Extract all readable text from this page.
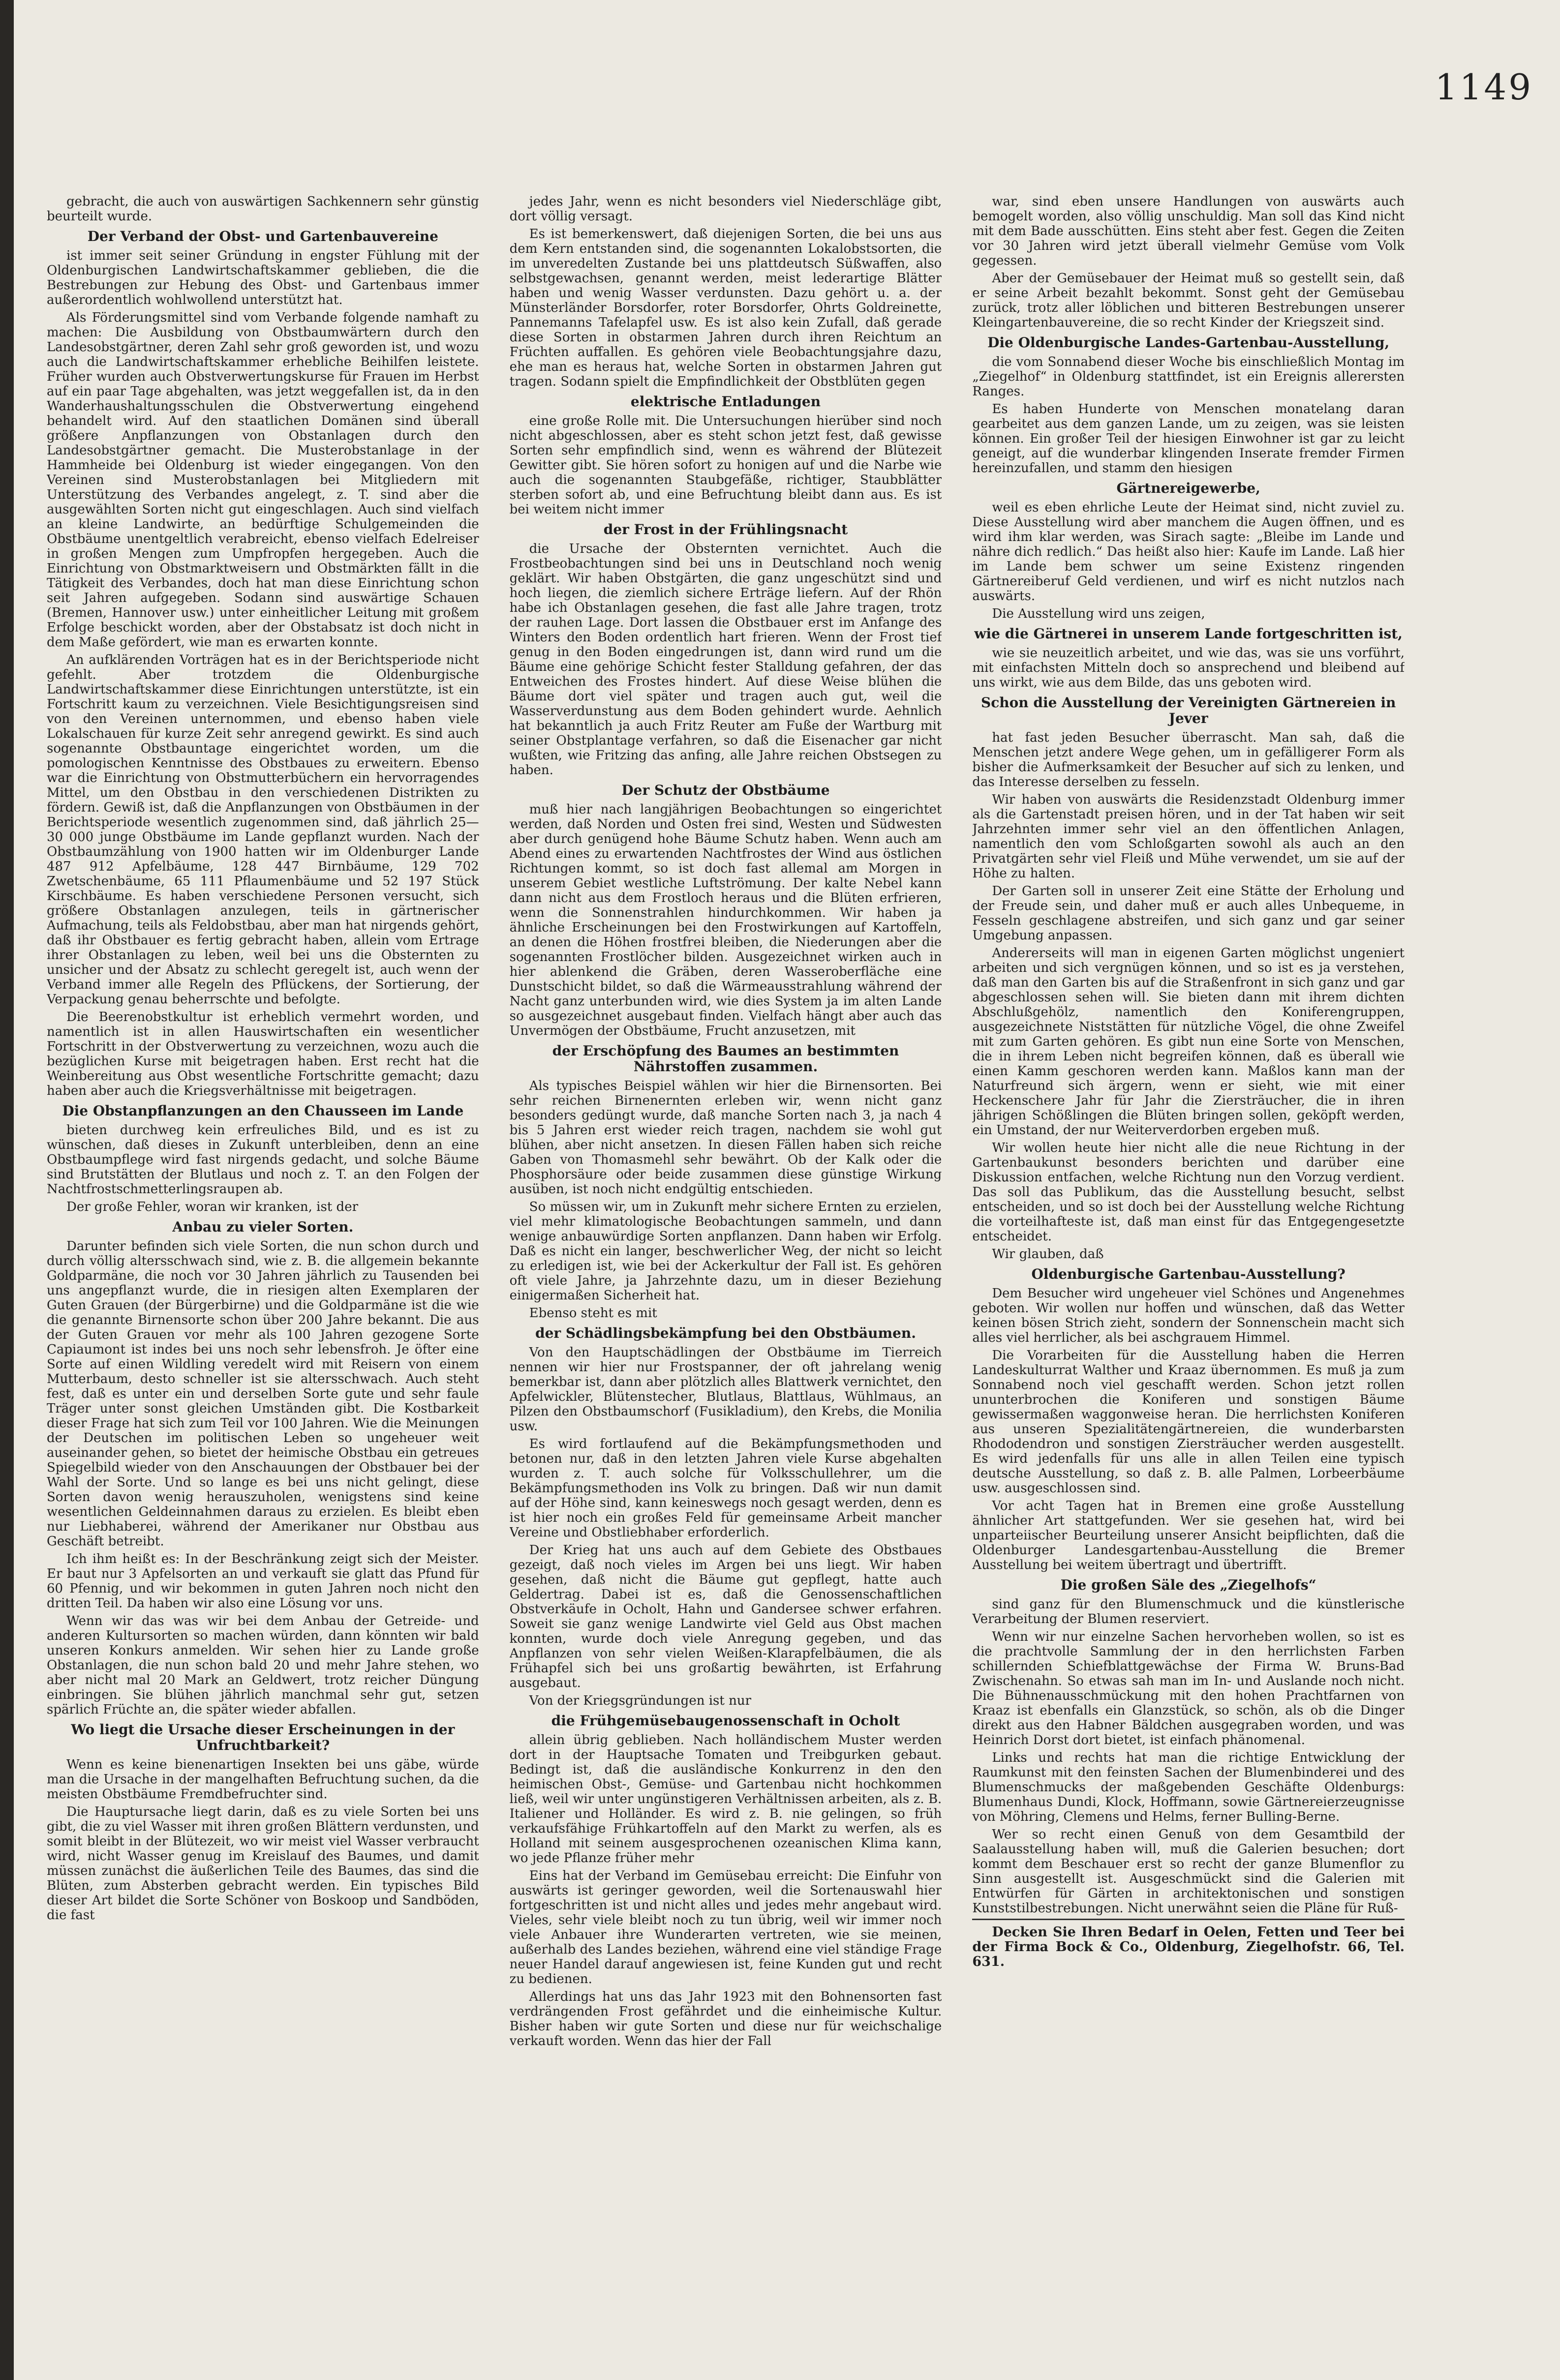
1149

gebracht, die auch von auswärtigen Sachkennern sehr günstig beurteilt wurde.

Der Verband der Obst- und Gartenbauvereine

ist immer seit seiner Gründung in engster Fühlung mit der Oldenburgischen Landwirtschaftskammer geblieben, die die Bestrebungen zur Hebung des Obst- und Gartenbaus immer außerordentlich wohlwollend unterstützt hat.

Als Förderungsmittel sind vom Verbande folgende namhaft zu machen: Die Ausbildung von Obstbaumwärtern durch den Landesobstgärtner, deren Zahl sehr groß geworden ist, und wozu auch die Landwirtschaftskammer erhebliche Beihilfen leistete. Früher wurden auch Obstverwertungskurse für Frauen im Herbst auf ein paar Tage abgehalten, was jetzt weggefallen ist, da in den Wanderhaushaltungsschulen die Obstverwertung eingehend behandelt wird. Auf den staatlichen Domänen sind überall größere Anpflanzungen von Obstanlagen durch den Landesobstgärtner gemacht. Die Musterobstanlage in der Hammheide bei Oldenburg ist wieder eingegangen. Von den Vereinen sind Musterobstanlagen bei Mitgliedern mit Unterstützung des Verbandes angelegt, z. T. sind aber die ausgewählten Sorten nicht gut eingeschlagen. Auch sind vielfach an kleine Landwirte, an bedürftige Schulgemeinden die Obstbäume unentgeltlich verabreicht, ebenso vielfach Edelreiser in großen Mengen zum Umpfropfen hergegeben. Auch die Einrichtung von Obstmarktweisern und Obstmärkten fällt in die Tätigkeit des Verbandes, doch hat man diese Einrichtung schon seit Jahren aufgegeben. Sodann sind auswärtige Schauen (Bremen, Hannover usw.) unter einheitlicher Leitung mit großem Erfolge beschickt worden, aber der Obstabsatz ist doch nicht in dem Maße gefördert, wie man es erwarten konnte.

An aufklärenden Vorträgen hat es in der Berichtsperiode nicht gefehlt. Aber trotzdem die Oldenburgische Landwirtschaftskammer diese Einrichtungen unterstützte, ist ein Fortschritt kaum zu verzeichnen. Viele Besichtigungsreisen sind von den Vereinen unternommen, und ebenso haben viele Lokalschauen für kurze Zeit sehr anregend gewirkt. Es sind auch sogenannte Obstbauntage eingerichtet worden, um die pomologischen Kenntnisse des Obstbaues zu erweitern. Ebenso war die Einrichtung von Obstmutterbüchern ein hervorragendes Mittel, um den Obstbau in den verschiedenen Distrikten zu fördern. Gewiß ist, daß die Anpflanzungen von Obstbäumen in der Berichtsperiode wesentlich zugenommen sind, daß jährlich 25—30 000 junge Obstbäume im Lande gepflanzt wurden. Nach der Obstbaumzählung von 1900 hatten wir im Oldenburger Lande 487 912 Apfelbäume, 128 447 Birnbäume, 129 702 Zwetschenbäume, 65 111 Pflaumenbäume und 52 197 Stück Kirschbäume. Es haben verschiedene Personen versucht, sich größere Obstanlagen anzulegen, teils in gärtnerischer Aufmachung, teils als Feldobstbau, aber man hat nirgends gehört, daß ihr Obstbauer es fertig gebracht haben, allein vom Ertrage ihrer Obstanlagen zu leben, weil bei uns die Obsternten zu unsicher und der Absatz zu schlecht geregelt ist, auch wenn der Verband immer alle Regeln des Pflückens, der Sortierung, der Verpackung genau beherrschte und befolgte.

Die Beerenobstkultur ist erheblich vermehrt worden, und namentlich ist in allen Hauswirtschaften ein wesentlicher Fortschritt in der Obstverwertung zu verzeichnen, wozu auch die bezüglichen Kurse mit beigetragen haben. Erst recht hat die Weinbereitung aus Obst wesentliche Fortschritte gemacht; dazu haben aber auch die Kriegsverhältnisse mit beigetragen.

Die Obstanpflanzungen an den Chausseen im Lande

bieten durchweg kein erfreuliches Bild, und es ist zu wünschen, daß dieses in Zukunft unterbleiben, denn an eine Obstbaumpflege wird fast nirgends gedacht, und solche Bäume sind Brutstätten der Blutlaus und noch z. T. an den Folgen der Nachtfrostschmetterlingsraupen ab.

Der große Fehler, woran wir kranken, ist der

Anbau zu vieler Sorten.

Darunter befinden sich viele Sorten, die nun schon durch und durch völlig altersschwach sind, wie z. B. die allgemein bekannte Goldparmäne, die noch vor 30 Jahren jährlich zu Tausenden bei uns angepflanzt wurde, die in riesigen alten Exemplaren der Guten Grauen (der Bürgerbirne) und die Goldparmäne ist die wie die genannte Birnensorte schon über 200 Jahre bekannt. Die aus der Guten Grauen vor mehr als 100 Jahren gezogene Sorte Capiaumont ist indes bei uns noch sehr lebensfroh. Je öfter eine Sorte auf einen Wildling veredelt wird mit Reisern von einem Mutterbaum, desto schneller ist sie altersschwach. Auch steht fest, daß es unter ein und derselben Sorte gute und sehr faule Träger unter sonst gleichen Umständen gibt. Die Kostbarkeit dieser Frage hat sich zum Teil vor 100 Jahren. Wie die Meinungen der Deutschen im politischen Leben so ungeheuer weit auseinander gehen, so bietet der heimische Obstbau ein getreues Spiegelbild wieder von den Anschauungen der Obstbauer bei der Wahl der Sorte. Und so lange es bei uns nicht gelingt, diese Sorten davon wenig herauszuholen, wenigstens sind keine wesentlichen Geldeinnahmen daraus zu erzielen. Es bleibt eben nur Liebhaberei, während der Amerikaner nur Obstbau aus Geschäft betreibt.

Ich ihm heißt es: In der Beschränkung zeigt sich der Meister. Er baut nur 3 Apfelsorten an und verkauft sie glatt das Pfund für 60 Pfennig, und wir bekommen in guten Jahren noch nicht den dritten Teil. Da haben wir also eine Lösung vor uns.

Wenn wir das was wir bei dem Anbau der Getreide- und anderen Kultursorten so machen würden, dann könnten wir bald unseren Konkurs anmelden. Wir sehen hier zu Lande große Obstanlagen, die nun schon bald 20 und mehr Jahre stehen, wo aber nicht mal 20 Mark an Geldwert, trotz reicher Düngung einbringen. Sie blühen jährlich manchmal sehr gut, setzen spärlich Früchte an, die später wieder abfallen.

Wo liegt die Ursache dieser Erscheinungen in der Unfruchtbarkeit?

Wenn es keine bienenartigen Insekten bei uns gäbe, würde man die Ursache in der mangelhaften Befruchtung suchen, da die meisten Obstbäume Fremdbefruchter sind.

Die Hauptursache liegt darin, daß es zu viele Sorten bei uns gibt, die zu viel Wasser mit ihren großen Blättern verdunsten, und somit bleibt in der Blütezeit, wo wir meist viel Wasser verbraucht wird, nicht Wasser genug im Kreislauf des Baumes, und damit müssen zunächst die äußerlichen Teile des Baumes, das sind die Blüten, zum Absterben gebracht werden. Ein typisches Bild dieser Art bildet die Sorte Schöner von Boskoop und Sandböden, die fast

jedes Jahr, wenn es nicht besonders viel Niederschläge gibt, dort völlig versagt.

Es ist bemerkenswert, daß diejenigen Sorten, die bei uns aus dem Kern entstanden sind, die sogenannten Lokalobstsorten, die im unveredelten Zustande bei uns plattdeutsch Süßwaffen, also selbstgewachsen, genannt werden, meist lederartige Blätter haben und wenig Wasser verdunsten. Dazu gehört u. a. der Münsterländer Borsdorfer, roter Borsdorfer, Ohrts Goldreinette, Pannemanns Tafelapfel usw. Es ist also kein Zufall, daß gerade diese Sorten in obstarmen Jahren durch ihren Reichtum an Früchten auffallen. Es gehören viele Beobachtungsjahre dazu, ehe man es heraus hat, welche Sorten in obstarmen Jahren gut tragen. Sodann spielt die Empfindlichkeit der Obstblüten gegen

elektrische Entladungen

eine große Rolle mit. Die Untersuchungen hierüber sind noch nicht abgeschlossen, aber es steht schon jetzt fest, daß gewisse Sorten sehr empfindlich sind, wenn es während der Blütezeit Gewitter gibt. Sie hören sofort zu honigen auf und die Narbe wie auch die sogenannten Staubgefäße, richtiger, Staubblätter sterben sofort ab, und eine Befruchtung bleibt dann aus. Es ist bei weitem nicht immer

der Frost in der Frühlingsnacht

die Ursache der Obsternten vernichtet. Auch die Frostbeobachtungen sind bei uns in Deutschland noch wenig geklärt. Wir haben Obstgärten, die ganz ungeschützt sind und hoch liegen, die ziemlich sichere Erträge liefern. Auf der Rhön habe ich Obstanlagen gesehen, die fast alle Jahre tragen, trotz der rauhen Lage. Dort lassen die Obstbauer erst im Anfange des Winters den Boden ordentlich hart frieren. Wenn der Frost tief genug in den Boden eingedrungen ist, dann wird rund um die Bäume eine gehörige Schicht fester Stalldung gefahren, der das Entweichen des Frostes hindert. Auf diese Weise blühen die Bäume dort viel später und tragen auch gut, weil die Wasserverdunstung aus dem Boden gehindert wurde. Aehnlich hat bekanntlich ja auch Fritz Reuter am Fuße der Wartburg mit seiner Obstplantage verfahren, so daß die Eisenacher gar nicht wußten, wie Fritzing das anfing, alle Jahre reichen Obstsegen zu haben.

Der Schutz der Obstbäume

muß hier nach langjährigen Beobachtungen so eingerichtet werden, daß Norden und Osten frei sind, Westen und Südwesten aber durch genügend hohe Bäume Schutz haben. Wenn auch am Abend eines zu erwartenden Nachtfrostes der Wind aus östlichen Richtungen kommt, so ist doch fast allemal am Morgen in unserem Gebiet westliche Luftströmung. Der kalte Nebel kann dann nicht aus dem Frostloch heraus und die Blüten erfrieren, wenn die Sonnenstrahlen hindurchkommen. Wir haben ja ähnliche Erscheinungen bei den Frostwirkungen auf Kartoffeln, an denen die Höhen frostfrei bleiben, die Niederungen aber die sogenannten Frostlöcher bilden. Ausgezeichnet wirken auch in hier ablenkend die Gräben, deren Wasseroberfläche eine Dunstschicht bildet, so daß die Wärmeausstrahlung während der Nacht ganz unterbunden wird, wie dies System ja im alten Lande so ausgezeichnet ausgebaut finden. Vielfach hängt aber auch das Unvermögen der Obstbäume, Frucht anzusetzen, mit

der Erschöpfung des Baumes an bestimmten Nährstoffen zusammen.

Als typisches Beispiel wählen wir hier die Birnensorten. Bei sehr reichen Birnenernten erleben wir, wenn nicht ganz besonders gedüngt wurde, daß manche Sorten nach 3, ja nach 4 bis 5 Jahren erst wieder reich tragen, nachdem sie wohl gut blühen, aber nicht ansetzen. In diesen Fällen haben sich reiche Gaben von Thomasmehl sehr bewährt. Ob der Kalk oder die Phosphorsäure oder beide zusammen diese günstige Wirkung ausüben, ist noch nicht endgültig entschieden.

So müssen wir, um in Zukunft mehr sichere Ernten zu erzielen, viel mehr klimatologische Beobachtungen sammeln, und dann wenige anbauwürdige Sorten anpflanzen. Dann haben wir Erfolg. Daß es nicht ein langer, beschwerlicher Weg, der nicht so leicht zu erledigen ist, wie bei der Ackerkultur der Fall ist. Es gehören oft viele Jahre, ja Jahrzehnte dazu, um in dieser Beziehung einigermaßen Sicherheit hat.

Ebenso steht es mit

der Schädlingsbekämpfung bei den Obstbäumen.

Von den Hauptschädlingen der Obstbäume im Tierreich nennen wir hier nur Frostspanner, der oft jahrelang wenig bemerkbar ist, dann aber plötzlich alles Blattwerk vernichtet, den Apfelwickler, Blütenstecher, Blutlaus, Blattlaus, Wühlmaus, an Pilzen den Obstbaumschorf (Fusikladium), den Krebs, die Monilia usw.

Es wird fortlaufend auf die Bekämpfungsmethoden und betonen nur, daß in den letzten Jahren viele Kurse abgehalten wurden z. T. auch solche für Volksschullehrer, um die Bekämpfungsmethoden ins Volk zu bringen. Daß wir nun damit auf der Höhe sind, kann keineswegs noch gesagt werden, denn es ist hier noch ein großes Feld für gemeinsame Arbeit mancher Vereine und Obstliebhaber erforderlich.

Der Krieg hat uns auch auf dem Gebiete des Obstbaues gezeigt, daß noch vieles im Argen bei uns liegt. Wir haben gesehen, daß nicht die Bäume gut gepflegt, hatte auch Geldertrag. Dabei ist es, daß die Genossenschaftlichen Obstverkäufe in Ocholt, Hahn und Gandersee schwer erfahren. Soweit sie ganz wenige Landwirte viel Geld aus Obst machen konnten, wurde doch viele Anregung gegeben, und das Anpflanzen von sehr vielen Weißen-Klarapfelbäumen, die als Frühapfel sich bei uns großartig bewährten, ist Erfahrung ausgebaut.

Von der Kriegsgründungen ist nur

die Frühgemüsebaugenossenschaft in Ocholt

allein übrig geblieben. Nach holländischem Muster werden dort in der Hauptsache Tomaten und Treibgurken gebaut. Bedingt ist, daß die ausländische Konkurrenz in den den heimischen Obst-, Gemüse- und Gartenbau nicht hochkommen ließ, weil wir unter ungünstigeren Verhältnissen arbeiten, als z. B. Italiener und Holländer. Es wird z. B. nie gelingen, so früh verkaufsfähige Frühkartoffeln auf den Markt zu werfen, als es Holland mit seinem ausgesprochenen ozeanischen Klima kann, wo jede Pflanze früher mehr

Eins hat der Verband im Gemüsebau erreicht: Die Einfuhr von auswärts ist geringer geworden, weil die Sortenauswahl hier fortgeschritten ist und nicht alles und jedes mehr angebaut wird. Vieles, sehr viele bleibt noch zu tun übrig, weil wir immer noch viele Anbauer ihre Wunderarten vertreten, wie sie meinen, außerhalb des Landes beziehen, während eine viel ständige Frage neuer Handel darauf angewiesen ist, feine Kunden gut und recht zu bedienen.

Allerdings hat uns das Jahr 1923 mit den Bohnensorten fast verdrängenden Frost gefährdet und die einheimische Kultur. Bisher haben wir gute Sorten und diese nur für weichschalige verkauft worden. Wenn das hier der Fall

war, sind eben unsere Handlungen von auswärts auch bemogelt worden, also völlig unschuldig. Man soll das Kind nicht mit dem Bade ausschütten. Eins steht aber fest. Gegen die Zeiten vor 30 Jahren wird jetzt überall vielmehr Gemüse vom Volk gegessen.

Aber der Gemüsebauer der Heimat muß so gestellt sein, daß er seine Arbeit bezahlt bekommt. Sonst geht der Gemüsebau zurück, trotz aller löblichen und bitteren Bestrebungen unserer Kleingartenbauvereine, die so recht Kinder der Kriegszeit sind.

Die Oldenburgische Landes-Gartenbau-Ausstellung,

die vom Sonnabend dieser Woche bis einschließlich Montag im „Ziegelhof“ in Oldenburg stattfindet, ist ein Ereignis allerersten Ranges.

Es haben Hunderte von Menschen monatelang daran gearbeitet aus dem ganzen Lande, um zu zeigen, was sie leisten können. Ein großer Teil der hiesigen Einwohner ist gar zu leicht geneigt, auf die wunderbar klingenden Inserate fremder Firmen hereinzufallen, und stamm den hiesigen

Gärtnereigewerbe,

weil es eben ehrliche Leute der Heimat sind, nicht zuviel zu. Diese Ausstellung wird aber manchem die Augen öffnen, und es wird ihm klar werden, was Sirach sagte: „Bleibe im Lande und nähre dich redlich.“ Das heißt also hier: Kaufe im Lande. Laß hier im Lande bem schwer um seine Existenz ringenden Gärtnereiberuf Geld verdienen, und wirf es nicht nutzlos nach auswärts.

Die Ausstellung wird uns zeigen,

wie die Gärtnerei in unserem Lande fortgeschritten ist,

wie sie neuzeitlich arbeitet, und wie das, was sie uns vorführt, mit einfachsten Mitteln doch so ansprechend und bleibend auf uns wirkt, wie aus dem Bilde, das uns geboten wird.

Schon die Ausstellung der Vereinigten Gärtnereien in Jever

hat fast jeden Besucher überrascht. Man sah, daß die Menschen jetzt andere Wege gehen, um in gefälligerer Form als bisher die Aufmerksamkeit der Besucher auf sich zu lenken, und das Interesse derselben zu fesseln.

Wir haben von auswärts die Residenzstadt Oldenburg immer als die Gartenstadt preisen hören, und in der Tat haben wir seit Jahrzehnten immer sehr viel an den öffentlichen Anlagen, namentlich den vom Schloßgarten sowohl als auch an den Privatgärten sehr viel Fleiß und Mühe verwendet, um sie auf der Höhe zu halten.

Der Garten soll in unserer Zeit eine Stätte der Erholung und der Freude sein, und daher muß er auch alles Unbequeme, in Fesseln geschlagene abstreifen, und sich ganz und gar seiner Umgebung anpassen.

Andererseits will man in eigenen Garten möglichst ungeniert arbeiten und sich vergnügen können, und so ist es ja verstehen, daß man den Garten bis auf die Straßenfront in sich ganz und gar abgeschlossen sehen will. Sie bieten dann mit ihrem dichten Abschlußgehölz, namentlich den Koniferengruppen, ausgezeichnete Niststätten für nützliche Vögel, die ohne Zweifel mit zum Garten gehören. Es gibt nun eine Sorte von Menschen, die in ihrem Leben nicht begreifen können, daß es überall wie einen Kamm geschoren werden kann. Maßlos kann man der Naturfreund sich ärgern, wenn er sieht, wie mit einer Heckenschere Jahr für Jahr die Ziersträucher, die in ihren jährigen Schößlingen die Blüten bringen sollen, geköpft werden, ein Umstand, der nur Weiterverdorben ergeben muß.

Wir wollen heute hier nicht alle die neue Richtung in der Gartenbaukunst besonders berichten und darüber eine Diskussion entfachen, welche Richtung nun den Vorzug verdient. Das soll das Publikum, das die Ausstellung besucht, selbst entscheiden, und so ist doch bei der Ausstellung welche Richtung die vorteilhafteste ist, daß man einst für das Entgegengesetzte entscheidet.

Wir glauben, daß

Oldenburgische Gartenbau-Ausstellung?

Dem Besucher wird ungeheuer viel Schönes und Angenehmes geboten. Wir wollen nur hoffen und wünschen, daß das Wetter keinen bösen Strich zieht, sondern der Sonnenschein macht sich alles viel herrlicher, als bei aschgrauem Himmel.

Die Vorarbeiten für die Ausstellung haben die Herren Landeskulturrat Walther und Kraaz übernommen. Es muß ja zum Sonnabend noch viel geschafft werden. Schon jetzt rollen ununterbrochen die Koniferen und sonstigen Bäume gewissermaßen waggonweise heran. Die herrlichsten Koniferen aus unseren Spezialitätengärtnereien, die wunderbarsten Rhododendron und sonstigen Ziersträucher werden ausgestellt. Es wird jedenfalls für uns alle in allen Teilen eine typisch deutsche Ausstellung, so daß z. B. alle Palmen, Lorbeerbäume usw. ausgeschlossen sind.

Vor acht Tagen hat in Bremen eine große Ausstellung ähnlicher Art stattgefunden. Wer sie gesehen hat, wird bei unparteiischer Beurteilung unserer Ansicht beipflichten, daß die Oldenburger Landesgartenbau-Ausstellung die Bremer Ausstellung bei weitem übertragt und übertrifft.

Die großen Säle des „Ziegelhofs“

sind ganz für den Blumenschmuck und die künstlerische Verarbeitung der Blumen reserviert.

Wenn wir nur einzelne Sachen hervorheben wollen, so ist es die prachtvolle Sammlung der in den herrlichsten Farben schillernden Schiefblattgewächse der Firma W. Bruns-Bad Zwischenahn. So etwas sah man im In- und Auslande noch nicht. Die Bühnenausschmückung mit den hohen Prachtfarnen von Kraaz ist ebenfalls ein Glanzstück, so schön, als ob die Dinger direkt aus den Habner Bäldchen ausgegraben worden, und was Heinrich Dorst dort bietet, ist einfach phänomenal.

Links und rechts hat man die richtige Entwicklung der Raumkunst mit den feinsten Sachen der Blumenbinderei und des Blumenschmucks der maßgebenden Geschäfte Oldenburgs: Blumenhaus Dundi, Klock, Hoffmann, sowie Gärtnereierzeugnisse von Möhring, Clemens und Helms, ferner Bulling-Berne.

Wer so recht einen Genuß von dem Gesamtbild der Saalausstellung haben will, muß die Galerien besuchen; dort kommt dem Beschauer erst so recht der ganze Blumenflor zu Sinn ausgestellt ist. Ausgeschmückt sind die Galerien mit Entwürfen für Gärten in architektonischen und sonstigen Kunststilbestrebungen. Nicht unerwähnt seien die Pläne für Ruß-

Decken Sie Ihren Bedarf in Oelen, Fetten und Teer bei der Firma Bock & Co., Oldenburg, Ziegelhofstr. 66, Tel. 631.
